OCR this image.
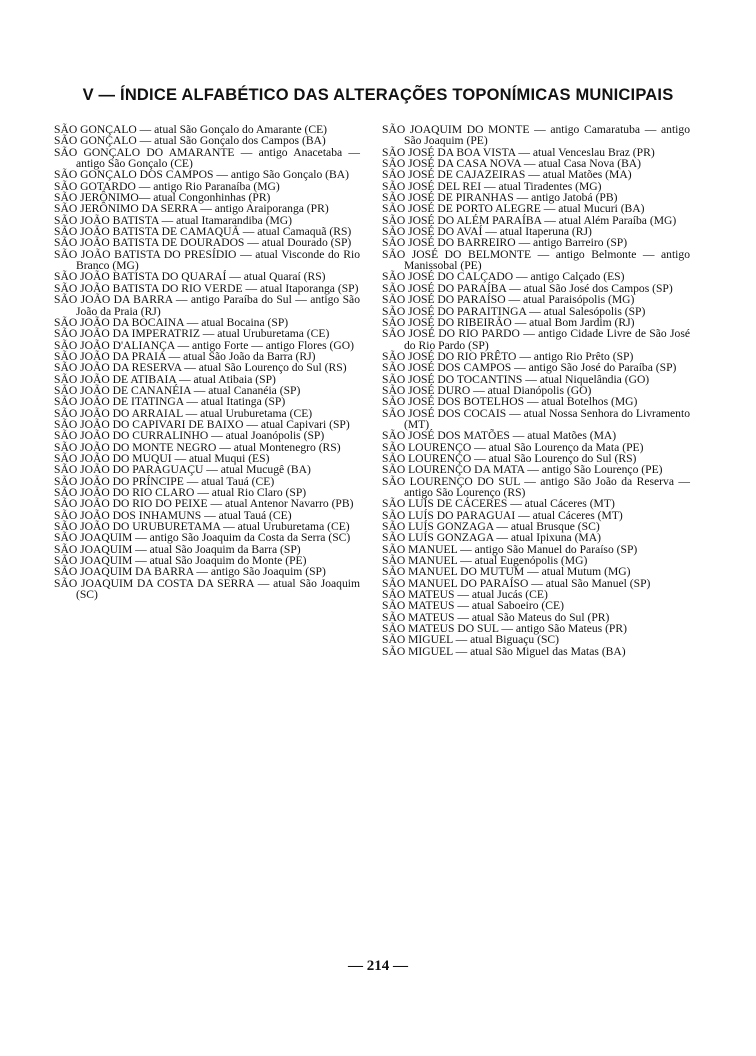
V — ÍNDICE ALFABÉTICO DAS ALTERAÇÕES TOPONÍMICAS MUNICIPAIS

SÃO GONÇALO — atual São Gonçalo do Amarante (CE)

SÃO GONÇALO — atual São Gonçalo dos Campos (BA)

SÃO GONÇALO DO AMARANTE — antigo Anacetaba — antigo São Gonçalo (CE)

SÃO GONÇALO DOS CAMPOS — antigo São Gonçalo (BA)

SÃO GOTARDO — antigo Rio Paranaíba (MG)

SÃO JERÔNIMO— atual Congonhinhas (PR)

SÃO JERÔNIMO DA SERRA — antigo Araiporanga (PR)

SÃO JOÃO BATISTA — atual Itamarandiba (MG)

SÃO JOÃO BATISTA DE CAMAQUÃ — atual Camaquã (RS)

SÃO JOÃO BATISTA DE DOURADOS — atual Dourado (SP)

SÃO JOÃO BATISTA DO PRESÍDIO — atual Visconde do Rio Branco (MG)

SÃO JOÃO BATISTA DO QUARAÍ — atual Quaraí (RS)

SÃO JOÃO BATISTA DO RIO VERDE — atual Itaporanga (SP)

SÃO JOÃO DA BARRA — antigo Paraíba do Sul — antigo São João da Praia (RJ)

SÃO JOÃO DA BOCAINA — atual Bocaina (SP)

SÃO JOÃO DA IMPERATRIZ — atual Uruburetama (CE)

SÃO JOÃO D'ALIANÇA — antigo Forte — antigo Flores (GO)

SÃO JOÃO DA PRAIA — atual São João da Barra (RJ)

SÃO JOÃO DA RESERVA — atual São Lourenço do Sul (RS)

SÃO JOÃO DE ATIBAIA — atual Atibaia (SP)

SÃO JOÃO DE CANANÉIA — atual Cananéia (SP)

SÃO JOÃO DE ITATINGA — atual Itatinga (SP)

SÃO JOÃO DO ARRAIAL — atual Uruburetama (CE)

SÃO JOÃO DO CAPIVARI DE BAIXO — atual Capivari (SP)

SÃO JOÃO DO CURRALINHO — atual Joanópolis (SP)

SÃO JOÃO DO MONTE NEGRO — atual Montenegro (RS)

SÃO JOÃO DO MUQUI — atual Muqui (ES)

SÃO JOÃO DO PARAGUAÇU — atual Mucugê (BA)

SÃO JOÃO DO PRÍNCIPE — atual Tauá (CE)

SÃO JOÃO DO RIO CLARO — atual Rio Claro (SP)

SÃO JOÃO DO RIO DO PEIXE — atual Antenor Navarro (PB)

SÃO JOÃO DOS INHAMUNS — atual Tauá (CE)

SÃO JOÃO DO URUBURETAMA — atual Uruburetama (CE)

SÃO JOAQUIM — antigo São Joaquim da Costa da Serra (SC)

SÃO JOAQUIM — atual São Joaquim da Barra (SP)

SÃO JOAQUIM — atual São Joaquim do Monte (PE)

SÃO JOAQUIM DA BARRA — antigo São Joaquim (SP)

SÃO JOAQUIM DA COSTA DA SERRA — atual São Joaquim (SC)

SÃO JOAQUIM DO MONTE — antigo Camaratuba — antigo São Joaquim (PE)

SÃO JOSÉ DA BOA VISTA — atual Venceslau Braz (PR)

SÃO JOSÉ DA CASA NOVA — atual Casa Nova (BA)

SÃO JOSÉ DE CAJAZEIRAS — atual Matões (MA)

SÃO JOSÉ DEL REI — atual Tiradentes (MG)

SÃO JOSÉ DE PIRANHAS — antigo Jatobá (PB)

SÃO JOSÉ DE PORTO ALEGRE — atual Mucuri (BA)

SÃO JOSÉ DO ALÉM PARAÍBA — atual Além Paraíba (MG)

SÃO JOSÉ DO AVAÍ — atual Itaperuna (RJ)

SÃO JOSÉ DO BARREIRO — antigo Barreiro (SP)

SÃO JOSÉ DO BELMONTE — antigo Belmonte — antigo Manissobal (PE)

SÃO JOSÉ DO CALÇADO — antigo Calçado (ES)

SÃO JOSÉ DO PARAÍBA — atual São José dos Campos (SP)

SÃO JOSÉ DO PARAÍSO — atual Paraisópolis (MG)

SÃO JOSÉ DO PARAITINGA — atual Salesópolis (SP)

SÃO JOSÉ DO RIBEIRÃO — atual Bom Jardim (RJ)

SÃO JOSÉ DO RIO PARDO — antigo Cidade Livre de São José do Rio Pardo (SP)

SÃO JOSÉ DO RIO PRÊTO — antigo Rio Prêto (SP)

SÃO JOSÉ DOS CAMPOS — antigo São José do Paraíba (SP)

SÃO JOSÉ DO TOCANTINS — atual Niquelândia (GO)

SÃO JOSÉ DURO — atual Dianópolis (GO)

SÃO JOSÉ DOS BOTELHOS — atual Botelhos (MG)

SÃO JOSÉ DOS COCAIS — atual Nossa Senhora do Livramento (MT)

SÃO JOSÉ DOS MATÕES — atual Matões (MA)

SÃO LOURENÇO — atual São Lourenço da Mata (PE)

SÃO LOURENÇO — atual São Lourenço do Sul (RS)

SÃO LOURENÇO DA MATA — antigo São Lourenço (PE)

SÃO LOURENÇO DO SUL — antigo São João da Reserva — antigo São Lourenço (RS)

SÃO LUÍS DE CÁCERES — atual Cáceres (MT)

SÃO LUÍS DO PARAGUAI — atual Cáceres (MT)

SÃO LUÍS GONZAGA — atual Brusque (SC)

SÃO LUÍS GONZAGA — atual Ipixuna (MA)

SÃO MANUEL — antigo São Manuel do Paraíso (SP)

SÃO MANUEL — atual Eugenópolis (MG)

SÃO MANUEL DO MUTUM — atual Mutum (MG)

SÃO MANUEL DO PARAÍSO — atual São Manuel (SP)

SÃO MATEUS — atual Jucás (CE)

SÃO MATEUS — atual Saboeiro (CE)

SÃO MATEUS — atual São Mateus do Sul (PR)

SÃO MATEUS DO SUL — antigo São Mateus (PR)

SÃO MIGUEL — atual Biguaçu (SC)

SÃO MIGUEL — atual São Miguel das Matas (BA)

— 214 —
